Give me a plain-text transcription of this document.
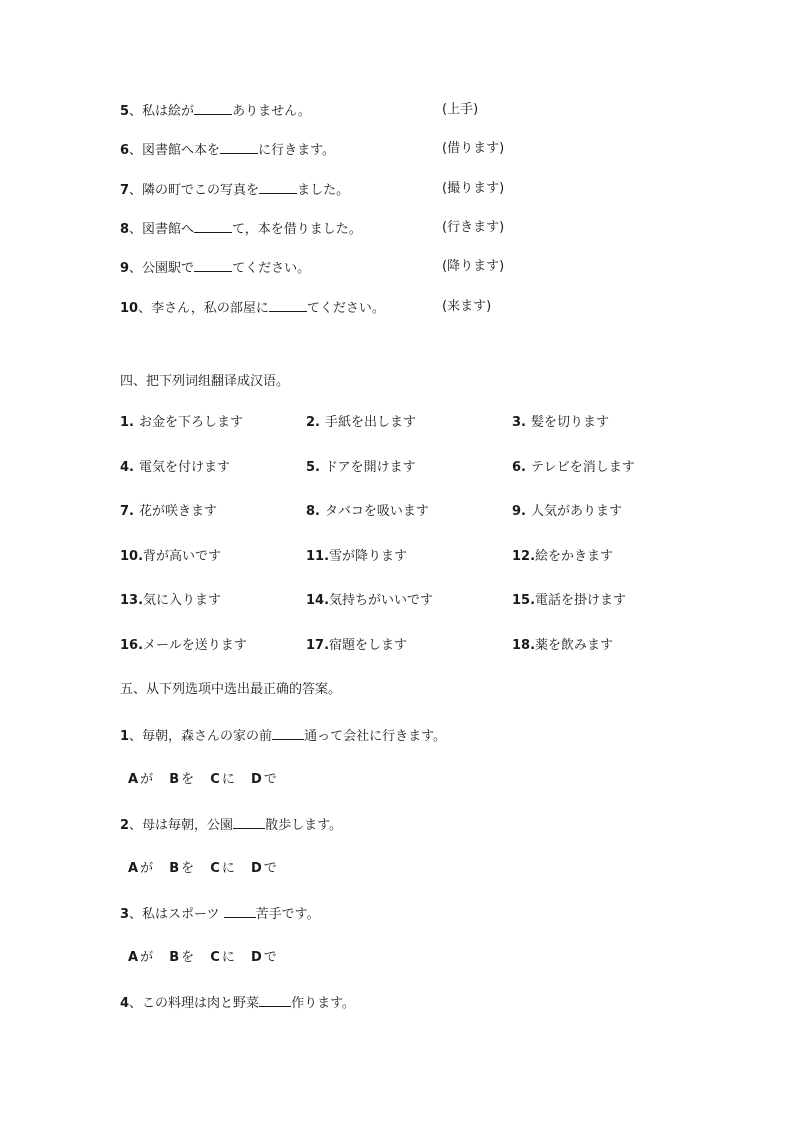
5、私は絵が	ありません。	(上手)
6、図書館へ本を	に行きます。	(借ります)
7、隣の町でこの写真を	ました。	(撮ります)
8、図書館へ	て，本を借りました。	(行きます)
9、公園駅で	てください。	(降ります)
10、李さん，私の部屋に	てください。	(来ます)
四、把下列词组翻译成汉语。
1. お金を下ろします	2. 手紙を出します	3. 髪を切ります
4. 電気を付けます	5. ドアを開けます	6. テレビを消します
7. 花が咲きます	8. タバコを吸います	9. 人気があります
10.背が高いです	11.雪が降ります	12.絵をかきます
13.気に入ります	14.気持ちがいいです	15.電話を掛けます
16.メールを送ります	17.宿題をします	18.薬を飲みます
五、从下列选项中选出最正确的答案。
1、毎朝，森さんの家の前 通って会社に行きます。
A が B を C に D で
2、母は毎朝，公園 散歩します。
A が B を C に D で
3、私はスポーツ 苦手です。
A が B を C に D で
4、この料理は肉と野菜 作ります。
